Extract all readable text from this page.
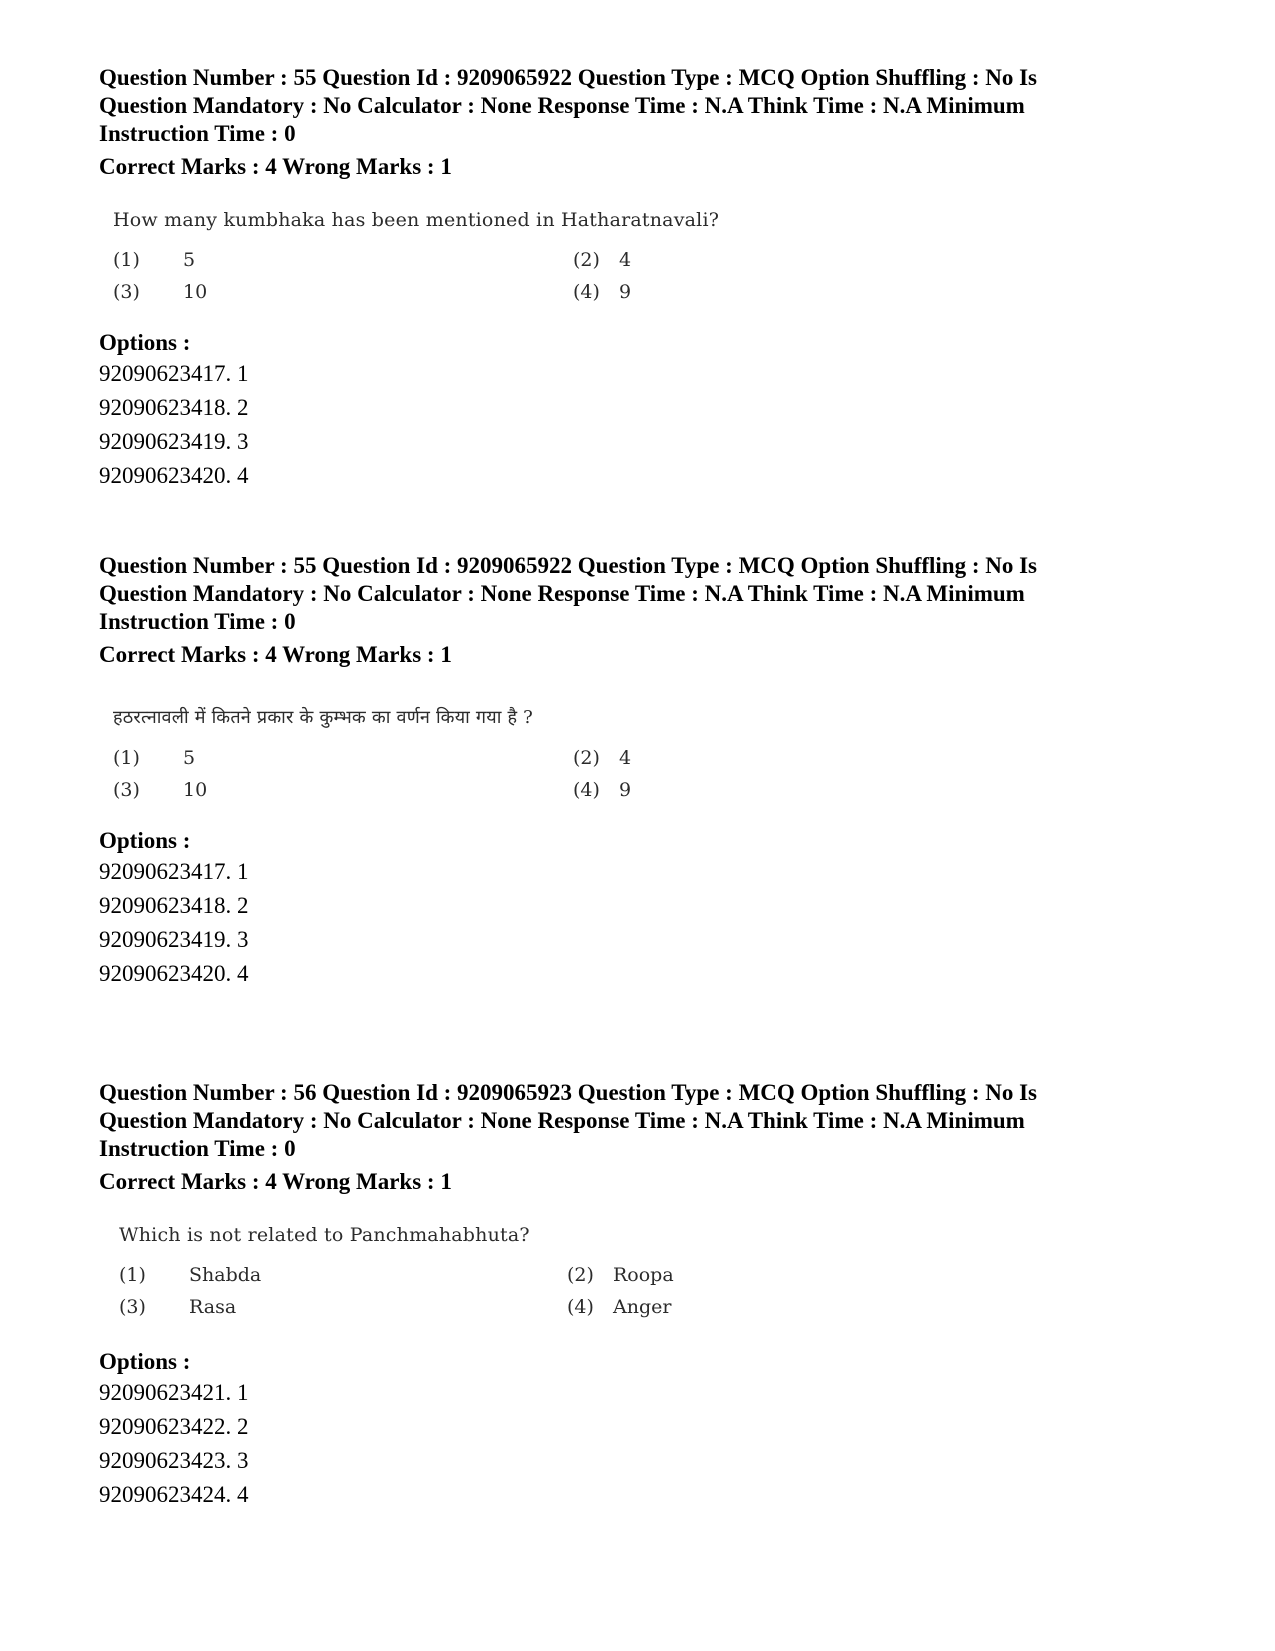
Question Number : 55 Question Id : 9209065922 Question Type : MCQ Option Shuffling : No Is

Question Mandatory : No Calculator : None Response Time : N.A Think Time : N.A Minimum

Instruction Time : 0

Correct Marks : 4 Wrong Marks : 1
How many kumbhaka has been mentioned in Hatharatnavali?
(1)	5	(2)	4
(3)	10	(4)	9
Options :
92090623417. 1
92090623418. 2
92090623419. 3
92090623420. 4

Question Number : 55 Question Id : 9209065922 Question Type : MCQ Option Shuffling : No Is

Question Mandatory : No Calculator : None Response Time : N.A Think Time : N.A Minimum

Instruction Time : 0

Correct Marks : 4 Wrong Marks : 1
हठरत्नावली में कितने प्रकार के कुम्भक का वर्णन किया गया है ?
(1)	5	(2)	4
(3)	10	(4)	9
Options :
92090623417. 1
92090623418. 2
92090623419. 3
92090623420. 4

Question Number : 56 Question Id : 9209065923 Question Type : MCQ Option Shuffling : No Is

Question Mandatory : No Calculator : None Response Time : N.A Think Time : N.A Minimum

Instruction Time : 0

Correct Marks : 4 Wrong Marks : 1
Which is not related to Panchmahabhuta?
(1)	Shabda	(2)	Roopa
(3)	Rasa	(4)	Anger
Options :
92090623421. 1
92090623422. 2
92090623423. 3
92090623424. 4
